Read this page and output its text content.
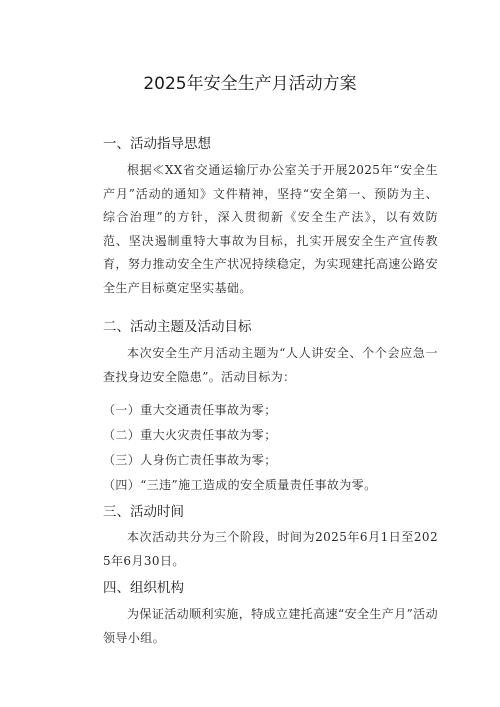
2025年安全生产月活动方案
一、活动指导思想
根据≪XX省交通运输厅办公室关于开展2025年“安全生产月”活动的通知》文件精神，坚持“安全第一、预防为主、综合治理”的方针，深入贯彻新《安全生产法》，以有效防范、坚决遏制重特大事故为目标，扎实开展安全生产宣传教育，努力推动安全生产状况持续稳定，为实现建托高速公路安全生产目标奠定坚实基础。
二、活动主题及活动目标
本次安全生产月活动主题为“人人讲安全、个个会应急一查找身边安全隐患”。活动目标为：
（一）重大交通责任事故为零；
（二）重大火灾责任事故为零；
（三）人身伤亡责任事故为零；
（四）“三违”施工造成的安全质量责任事故为零。
三、活动时间
本次活动共分为三个阶段，时间为2025年6月1日至2025年6月30日。
四、组织机构
为保证活动顺利实施，特成立建托高速“安全生产月”活动领导小组。
